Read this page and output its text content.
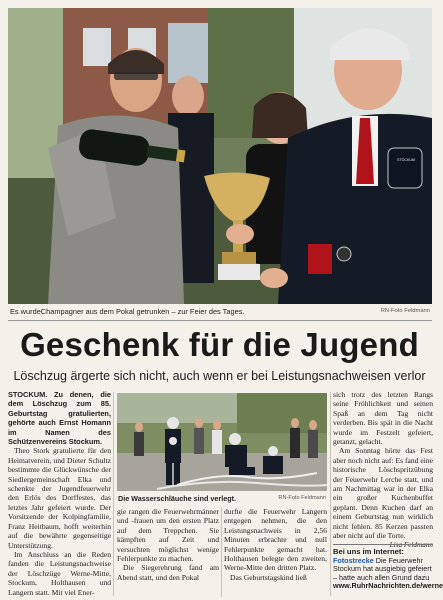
STOCKUM
Es wurdeChampagner aus dem Pokal getrunken – zur Feier des Tages.	RN-Foto Feldmann
Geschenk für die Jugend
Löschzug ärgerte sich nicht, auch wenn er bei Leistungsnachweisen verlor

STOCKUM. Zu denen, die dem Löschzug zum 85. Geburtstag gratulierten, gehörte auch Ernst Homann im Namen des Schützenvereins Stockum.

Theo Stork gratulierte für den Heimatverein, und Dieter Schultz bestimmte die Glückwünsche der Siedlergemeinschaft Elka und schenkte der Jugendfeuerwehr den Erlös des Dorffestes, das letztes Jahr gefeiert wurde. Der Vorsitzende der Kolpingfamilie, Franz Heitbaum, hofft weiterhin auf die bewährte gegenseitige Unterstützung.

Im Anschluss an die Reden fanden die Leistungsnachweise der Löschzüge Werne-Mitte, Stockum, Holthausen und Langern statt. Mit viel Ener-

Die Wasserschläuche sind verlegt.	RN-Foto Feldmann

gie rangen die Feuerwehrmänner und -frauen um den ersten Platz auf dem Treppchen. Sie kämpften auf Zeit und versuchten möglichst wenige Fehlerpunkte zu machen.

Die Siegerehrung fand am Abend statt, und den Pokal

durfte die Feuerwehr Langern entgegen nehmen, die den Leistungsnachweis in 2,56 Minuten erbrachte und null Fehlerpunkte gemacht hat. Holthausen belegte den zweiten, Werne-Mitte den dritten Platz.

Das Geburtstagskind ließ

sich trotz des letzten Rangs seine Fröhlichkeit und seinen Spaß an dem Tag nicht verderben. Bis spät in die Nacht wurde im Festzelt gefeiert, getanzt, gelacht.

Am Sonntag hörte das Fest aber noch nicht auf: Es fand eine historische Löschspritzübung der Feuerwehr Lerche statt, und am Nachmittag war in der Elka ein großer Kuchenbuffet geplant. Denn Kuchen darf an einem Geburtstag nun wirklich nicht fehlen. 85 Kerzen passten aber nicht auf die Torte.

Lisa Feldmann
Bei uns im Internet:
Fotostrecke Die Feuerwehr Stockum hat ausgiebig gefeiert – hatte auch allen Grund dazu
www.RuhrNachrichten.de/werne
